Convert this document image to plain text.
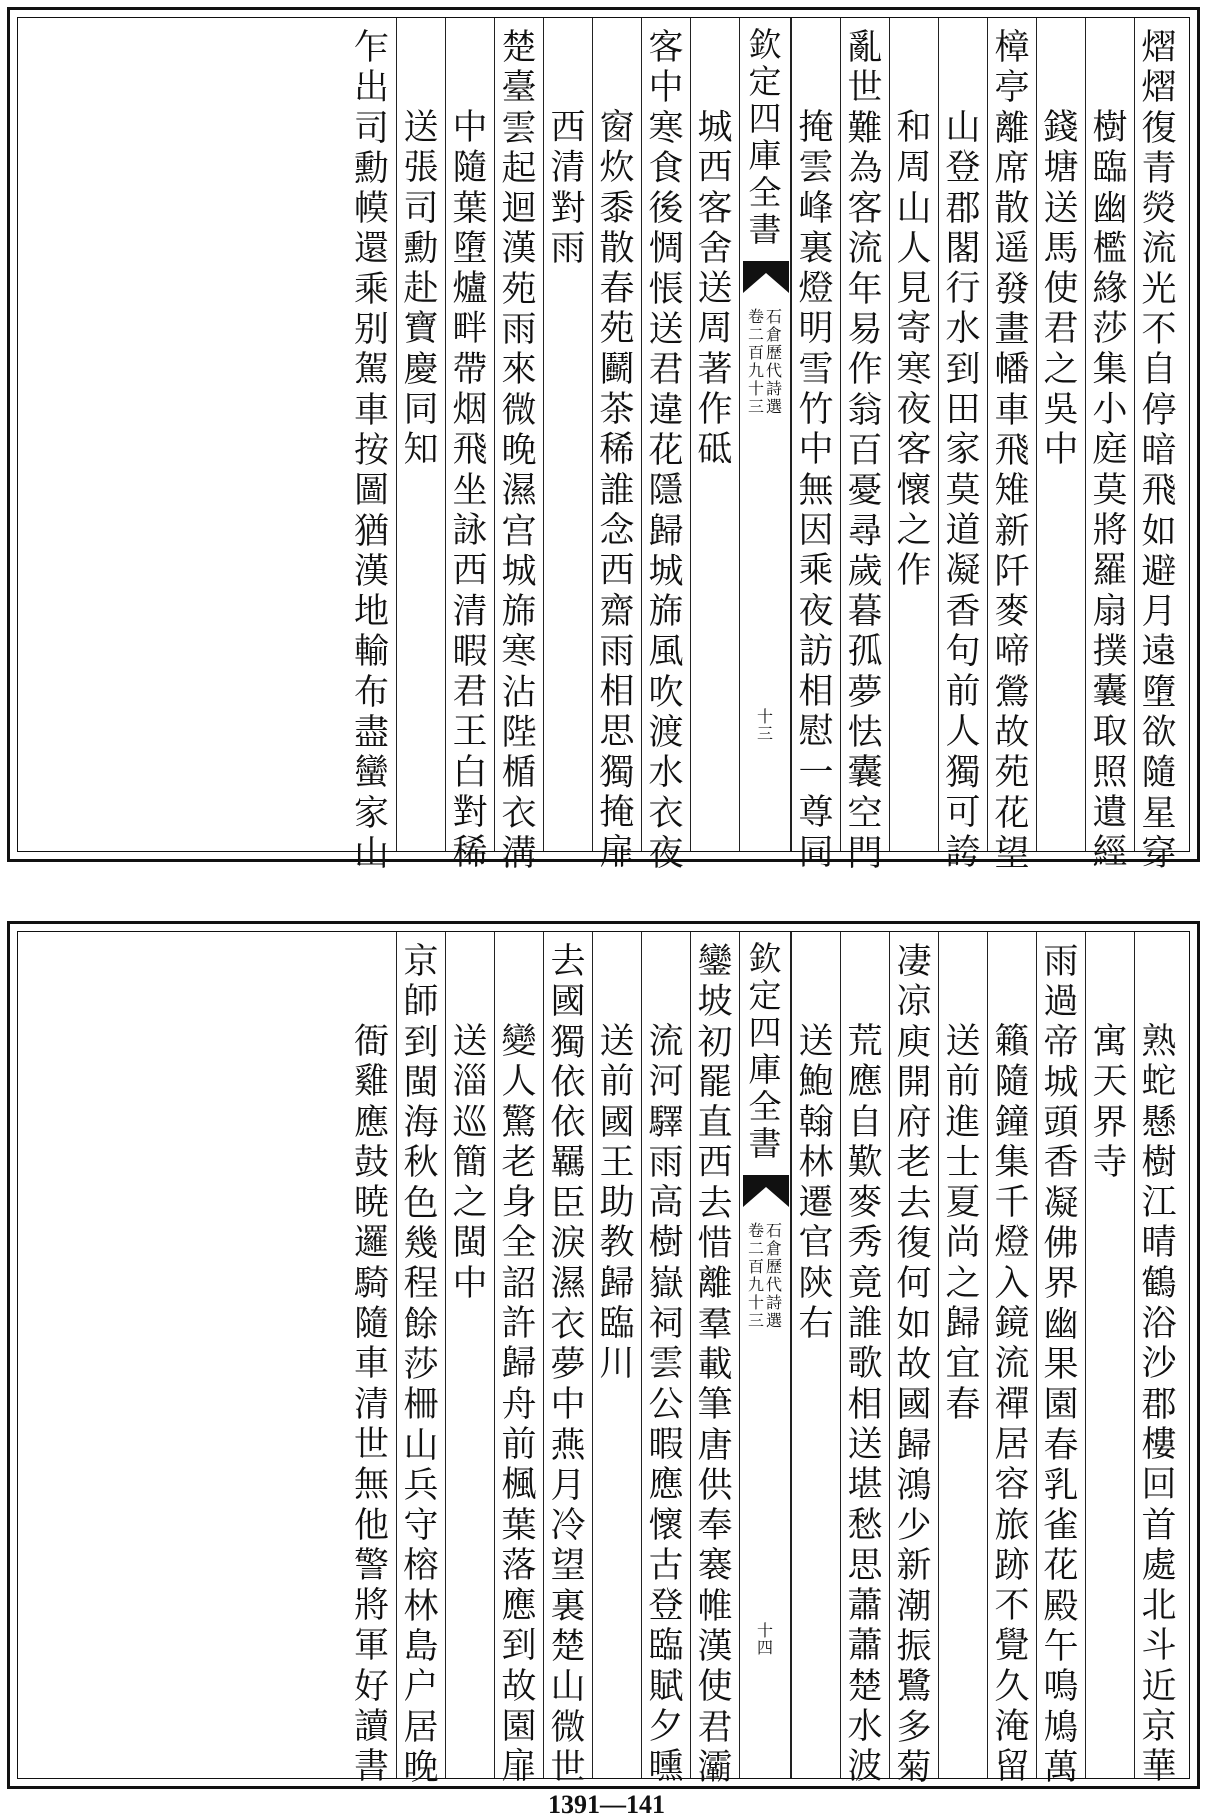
熠
熠
復
青
熒
流
光
不
自
停
暗
飛
如
避
月
遠
墮
欲
隨
星
穿
樹
臨
幽
檻
緣
莎
集
小
庭
莫
將
羅
扇
撲
囊
取
照
遺
經
錢
塘
送
馬
使
君
之
吳
中
樟
亭
離
席
散
遥
發
畫
幡
車
飛
雉
新
阡
麥
啼
鶯
故
苑
花
望
山
登
郡
閣
行
水
到
田
家
莫
道
凝
香
句
前
人
獨
可
誇
和
周
山
人
見
寄
寒
夜
客
懷
之
作
亂
世
難
為
客
流
年
易
作
翁
百
憂
尋
歲
暮
孤
夢
怯
囊
空
門
掩
雲
峰
裏
燈
明
雪
竹
中
無
因
乘
夜
訪
相
慰
一
尊
同
欽
定
四
庫
全
書
卷
二
百
九
十
三
石
倉
歷
代
詩
選
十
三
城
西
客
舍
送
周
著
作
砥
客
中
寒
食
後
惆
悵
送
君
違
花
隱
歸
城
旆
風
吹
渡
水
衣
夜
窗
炊
黍
散
春
苑
鬬
茶
稀
誰
念
西
齋
雨
相
思
獨
掩
扉
西
清
對
雨
楚
臺
雲
起
迴
漢
苑
雨
來
微
晚
濕
宫
城
旆
寒
沾
陛
楯
衣
溝
中
隨
葉
墮
爐
畔
帶
烟
飛
坐
詠
西
清
暇
君
王
白
對
稀
送
張
司
勳
赴
寶
慶
同
知
乍
出
司
勳
幙
還
乘
别
駕
車
按
圖
猶
漢
地
輸
布
盡
蠻
家
山
熟
蛇
懸
樹
江
晴
鶴
浴
沙
郡
樓
回
首
處
北
斗
近
京
華
寓
天
界
寺
雨
過
帝
城
頭
香
凝
佛
界
幽
果
園
春
乳
雀
花
殿
午
鳴
鳩
萬
籟
隨
鐘
集
千
燈
入
鏡
流
禪
居
容
旅
跡
不
覺
久
淹
留
送
前
進
士
夏
尚
之
歸
宜
春
凄
凉
庾
開
府
老
去
復
何
如
故
國
歸
鴻
少
新
潮
振
鷺
多
菊
荒
應
自
歎
麥
秀
竟
誰
歌
相
送
堪
愁
思
蕭
蕭
楚
水
波
送
鮑
翰
林
遷
官
陝
右
欽
定
四
庫
全
書
卷
二
百
九
十
三
石
倉
歷
代
詩
選
十
四
鑾
坡
初
罷
直
西
去
惜
離
羣
載
筆
唐
供
奉
褰
帷
漢
使
君
灞
流
河
驛
雨
高
樹
嶽
祠
雲
公
暇
應
懷
古
登
臨
賦
夕
曛
送
前
國
王
助
教
歸
臨
川
去
國
獨
依
依
羈
臣
淚
濕
衣
夢
中
燕
月
冷
望
裏
楚
山
微
世
變
人
驚
老
身
全
詔
許
歸
舟
前
楓
葉
落
應
到
故
園
扉
送
淄
巡
簡
之
閩
中
京
師
到
閩
海
秋
色
幾
程
餘
莎
柵
山
兵
守
榕
林
島
户
居
晚
衙
雞
應
鼓
暁
邏
騎
隨
車
清
世
無
他
警
將
軍
好
讀
書
1391—141
